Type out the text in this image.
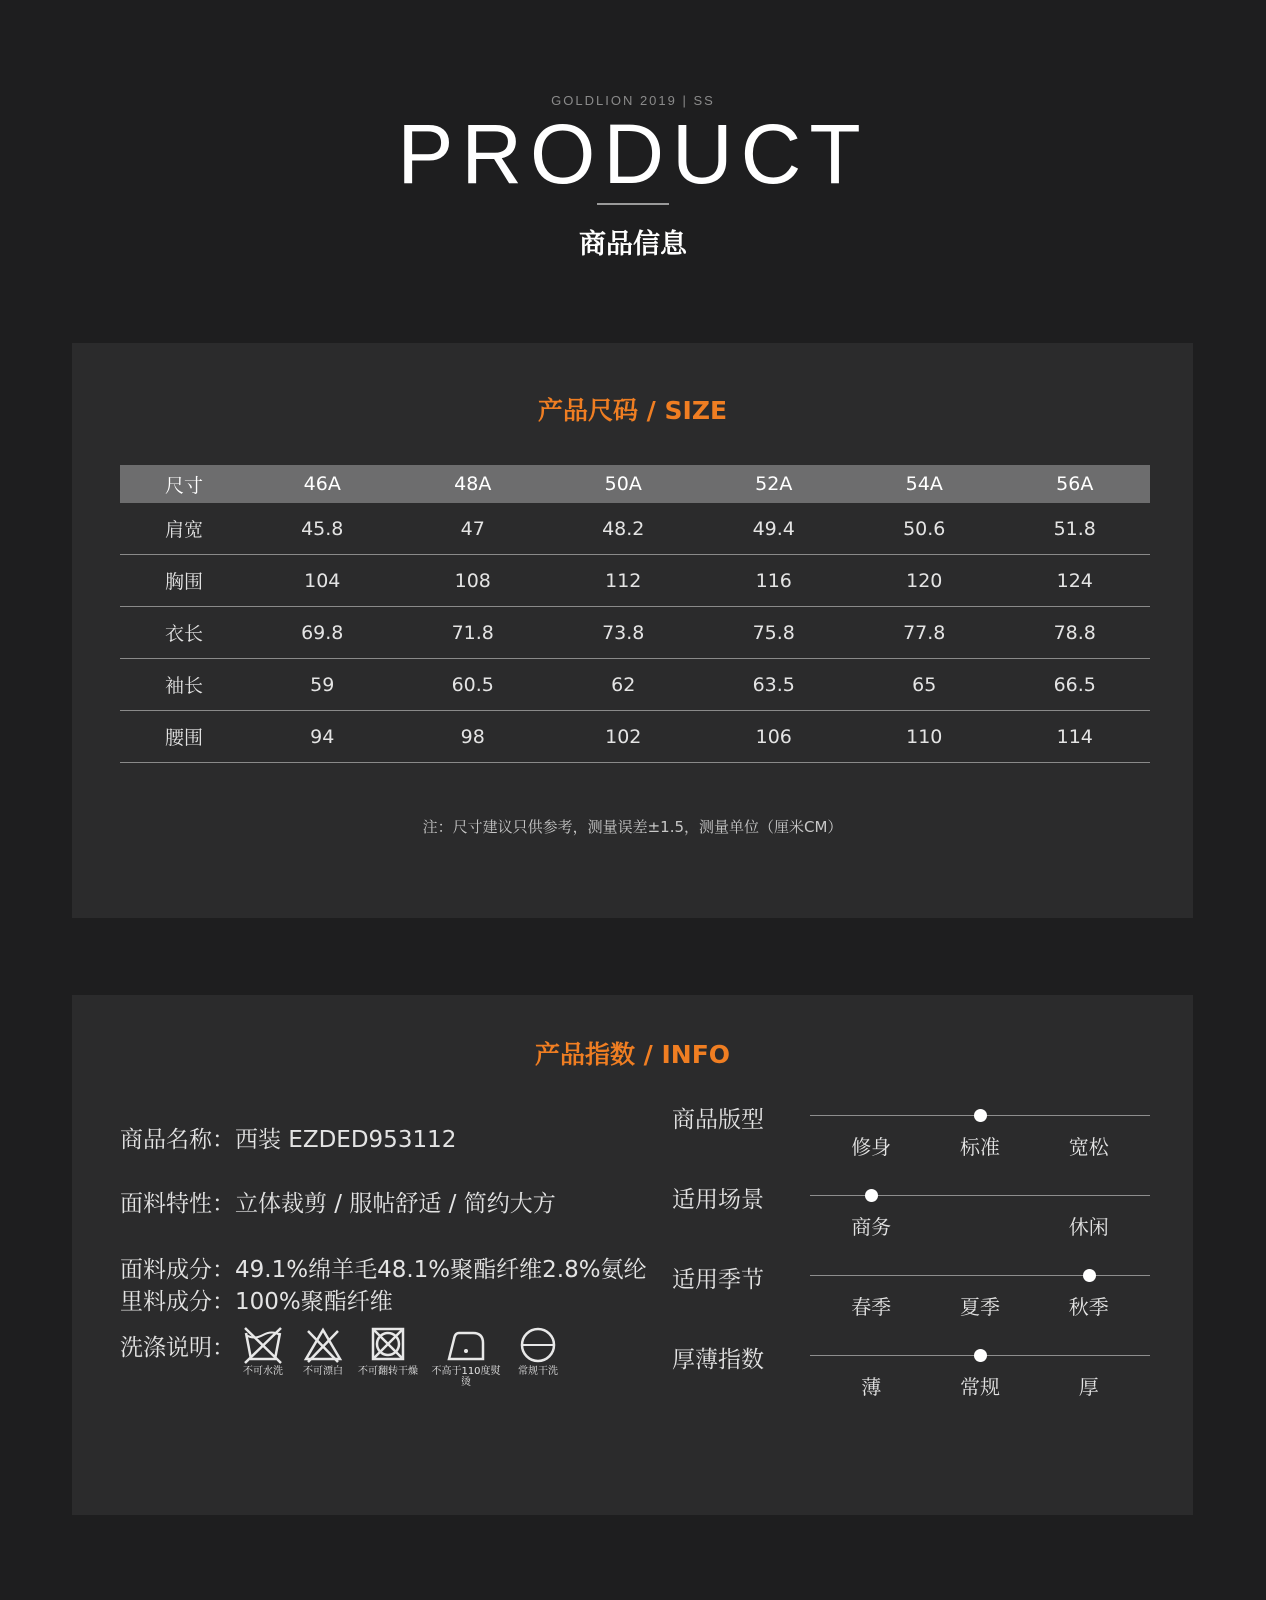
GOLDLION 2019 | SS
PRODUCT
商品信息
产品尺码 / SIZE
尺寸	46A	48A	50A	52A	54A	56A
肩宽	45.8	47	48.2	49.4	50.6	51.8
胸围	104	108	112	116	120	124
衣长	69.8	71.8	73.8	75.8	77.8	78.8
袖长	59	60.5	62	63.5	65	66.5
腰围	94	98	102	106	110	114
注：尺寸建议只供参考，测量误差±1.5，测量单位（厘米CM）
产品指数 / INFO
商品名称：西装 EZDED953112
面料特性：立体裁剪 / 服帖舒适 / 简约大方
面料成分：49.1%绵羊毛48.1%聚酯纤维2.8%氨纶
里料成分：100%聚酯纤维
洗涤说明：
不可水洗	不可漂白	不可翻转干燥	不高于110度熨烫
常规干洗
商品版型
修身	标准	宽松
适用场景
商务	休闲
适用季节
春季	夏季	秋季
厚薄指数
薄	常规	厚
